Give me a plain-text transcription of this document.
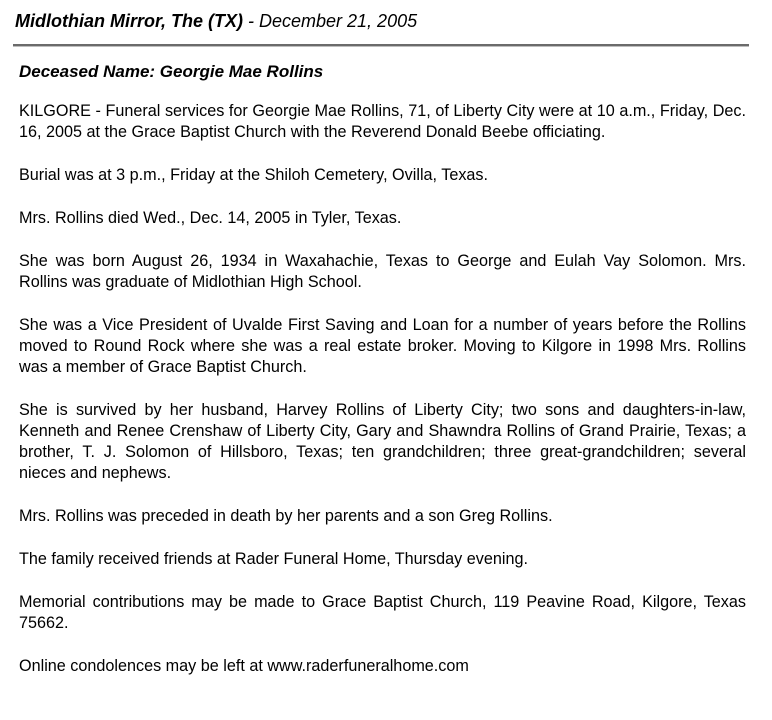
Midlothian Mirror, The (TX) - December 21, 2005
Deceased Name: Georgie Mae Rollins

KILGORE - Funeral services for Georgie Mae Rollins, 71, of Liberty City were at 10 a.m., Friday, Dec. 16, 2005 at the Grace Baptist Church with the Reverend Donald Beebe officiating.

Burial was at 3 p.m., Friday at the Shiloh Cemetery, Ovilla, Texas.

Mrs. Rollins died Wed., Dec. 14, 2005 in Tyler, Texas.

She was born August 26, 1934 in Waxahachie, Texas to George and Eulah Vay Solomon. Mrs. Rollins was graduate of Midlothian High School.

She was a Vice President of Uvalde First Saving and Loan for a number of years before the Rollins moved to Round Rock where she was a real estate broker. Moving to Kilgore in 1998 Mrs. Rollins was a member of Grace Baptist Church.

She is survived by her husband, Harvey Rollins of Liberty City; two sons and daughters-in-law, Kenneth and Renee Crenshaw of Liberty City, Gary and Shawndra Rollins of Grand Prairie, Texas; a brother, T. J. Solomon of Hillsboro, Texas; ten grandchildren; three great-grandchildren; several nieces and nephews.

Mrs. Rollins was preceded in death by her parents and a son Greg Rollins.

The family received friends at Rader Funeral Home, Thursday evening.

Memorial contributions may be made to Grace Baptist Church, 119 Peavine Road, Kilgore, Texas 75662.

Online condolences may be left at www.raderfuneralhome.com
